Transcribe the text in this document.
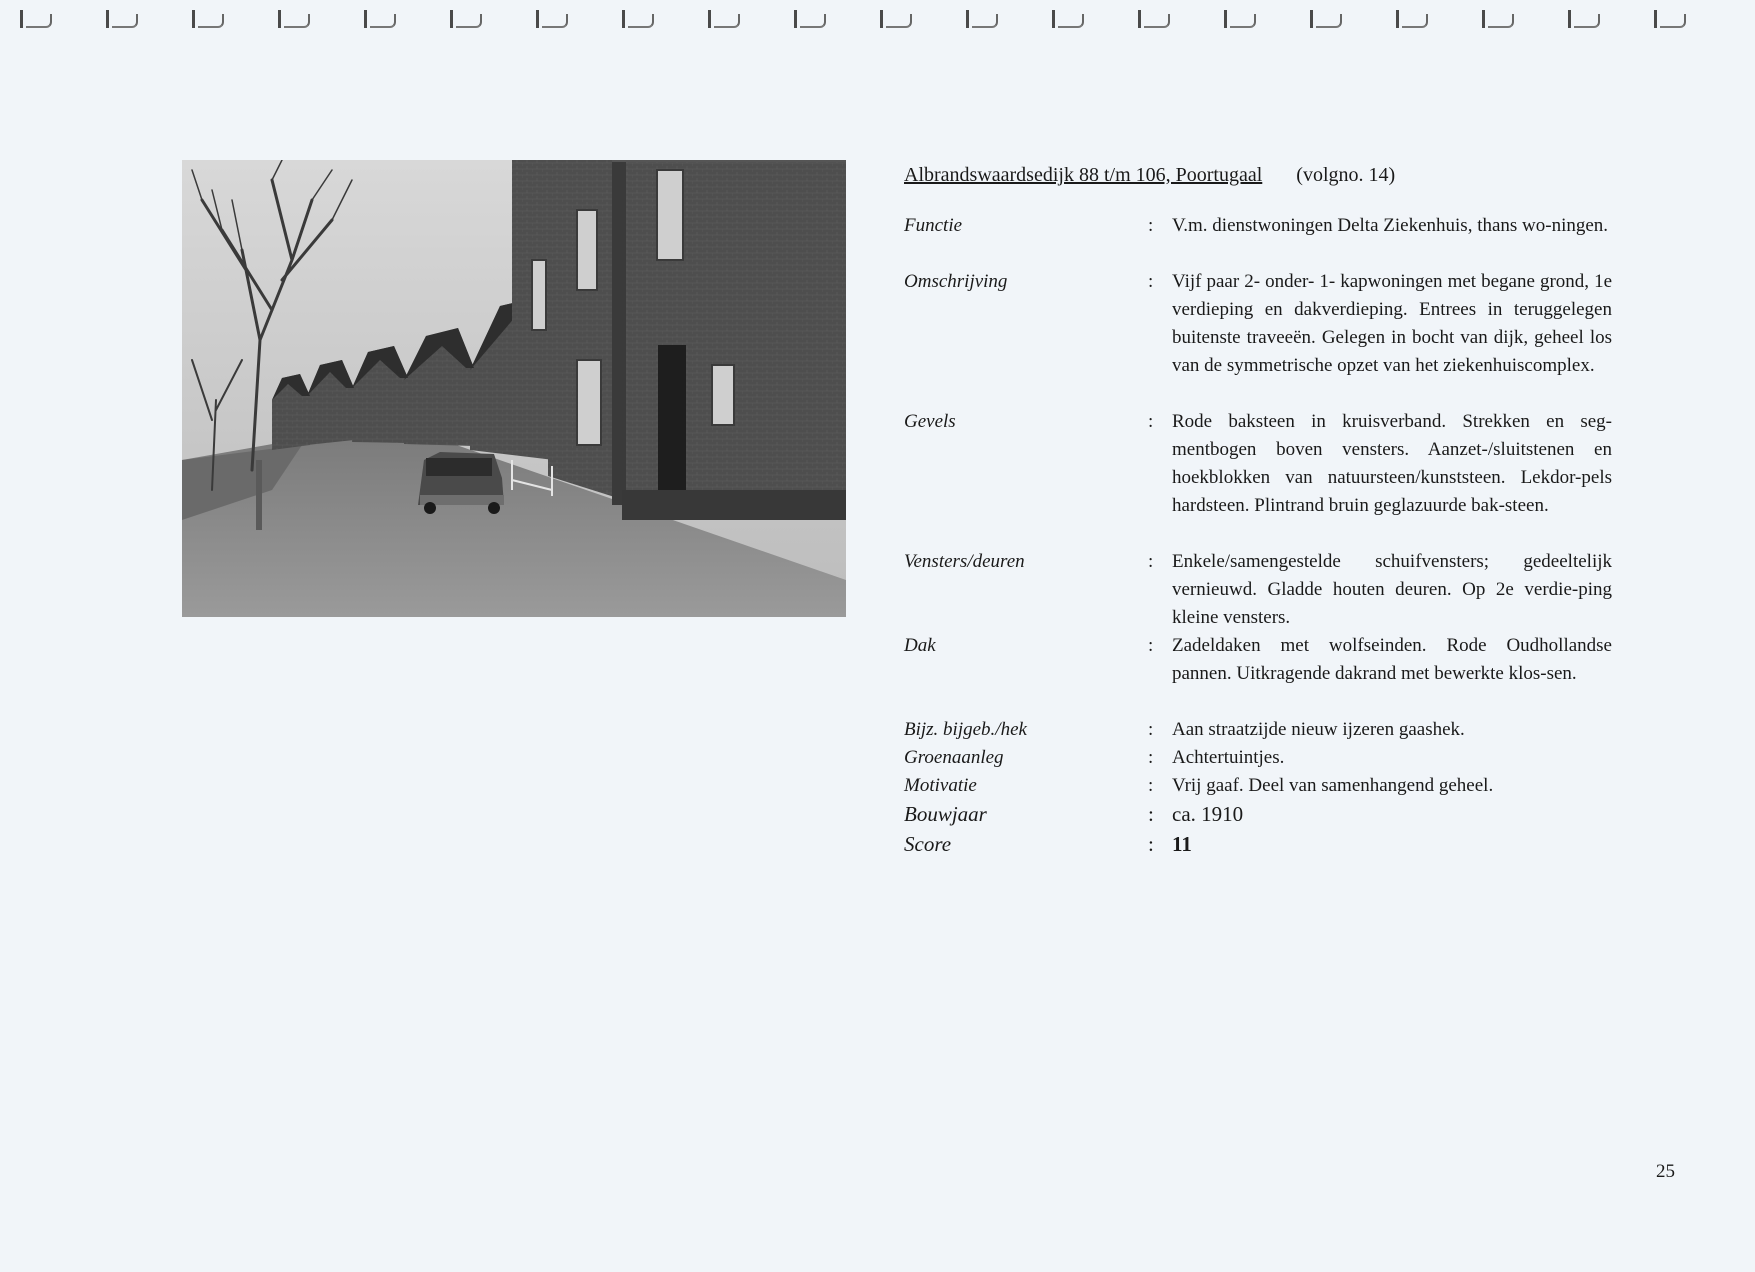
Albrandswaardsedijk 88 t/m 106, Poortugaal (volgno. 14)
Functie	: V.m. dienstwoningen Delta Ziekenhuis, thans wo-ningen.
Omschrijving	: Vijf paar 2- onder- 1- kapwoningen met begane grond, 1e verdieping en dakverdieping. Entrees in teruggelegen buitenste traveeën. Gelegen in bocht van dijk, geheel los van de symmetrische opzet van het ziekenhuiscomplex.
Gevels	: Rode baksteen in kruisverband. Strekken en seg-mentbogen boven vensters. Aanzet-/sluitstenen en hoekblokken van natuursteen/kunststeen. Lekdor-pels hardsteen. Plintrand bruin geglazuurde bak-steen.
Vensters/deuren	: Enkele/samengestelde schuifvensters; gedeeltelijk vernieuwd. Gladde houten deuren. Op 2e verdie-ping kleine vensters.
Dak	: Zadeldaken met wolfseinden. Rode Oudhollandse pannen. Uitkragende dakrand met bewerkte klos-sen.
Bijz. bijgeb./hek	: Aan straatzijde nieuw ijzeren gaashek.
Groenaanleg	: Achtertuintjes.
Motivatie	: Vrij gaaf. Deel van samenhangend geheel.
Bouwjaar	: ca. 1910
Score	: 11
25
